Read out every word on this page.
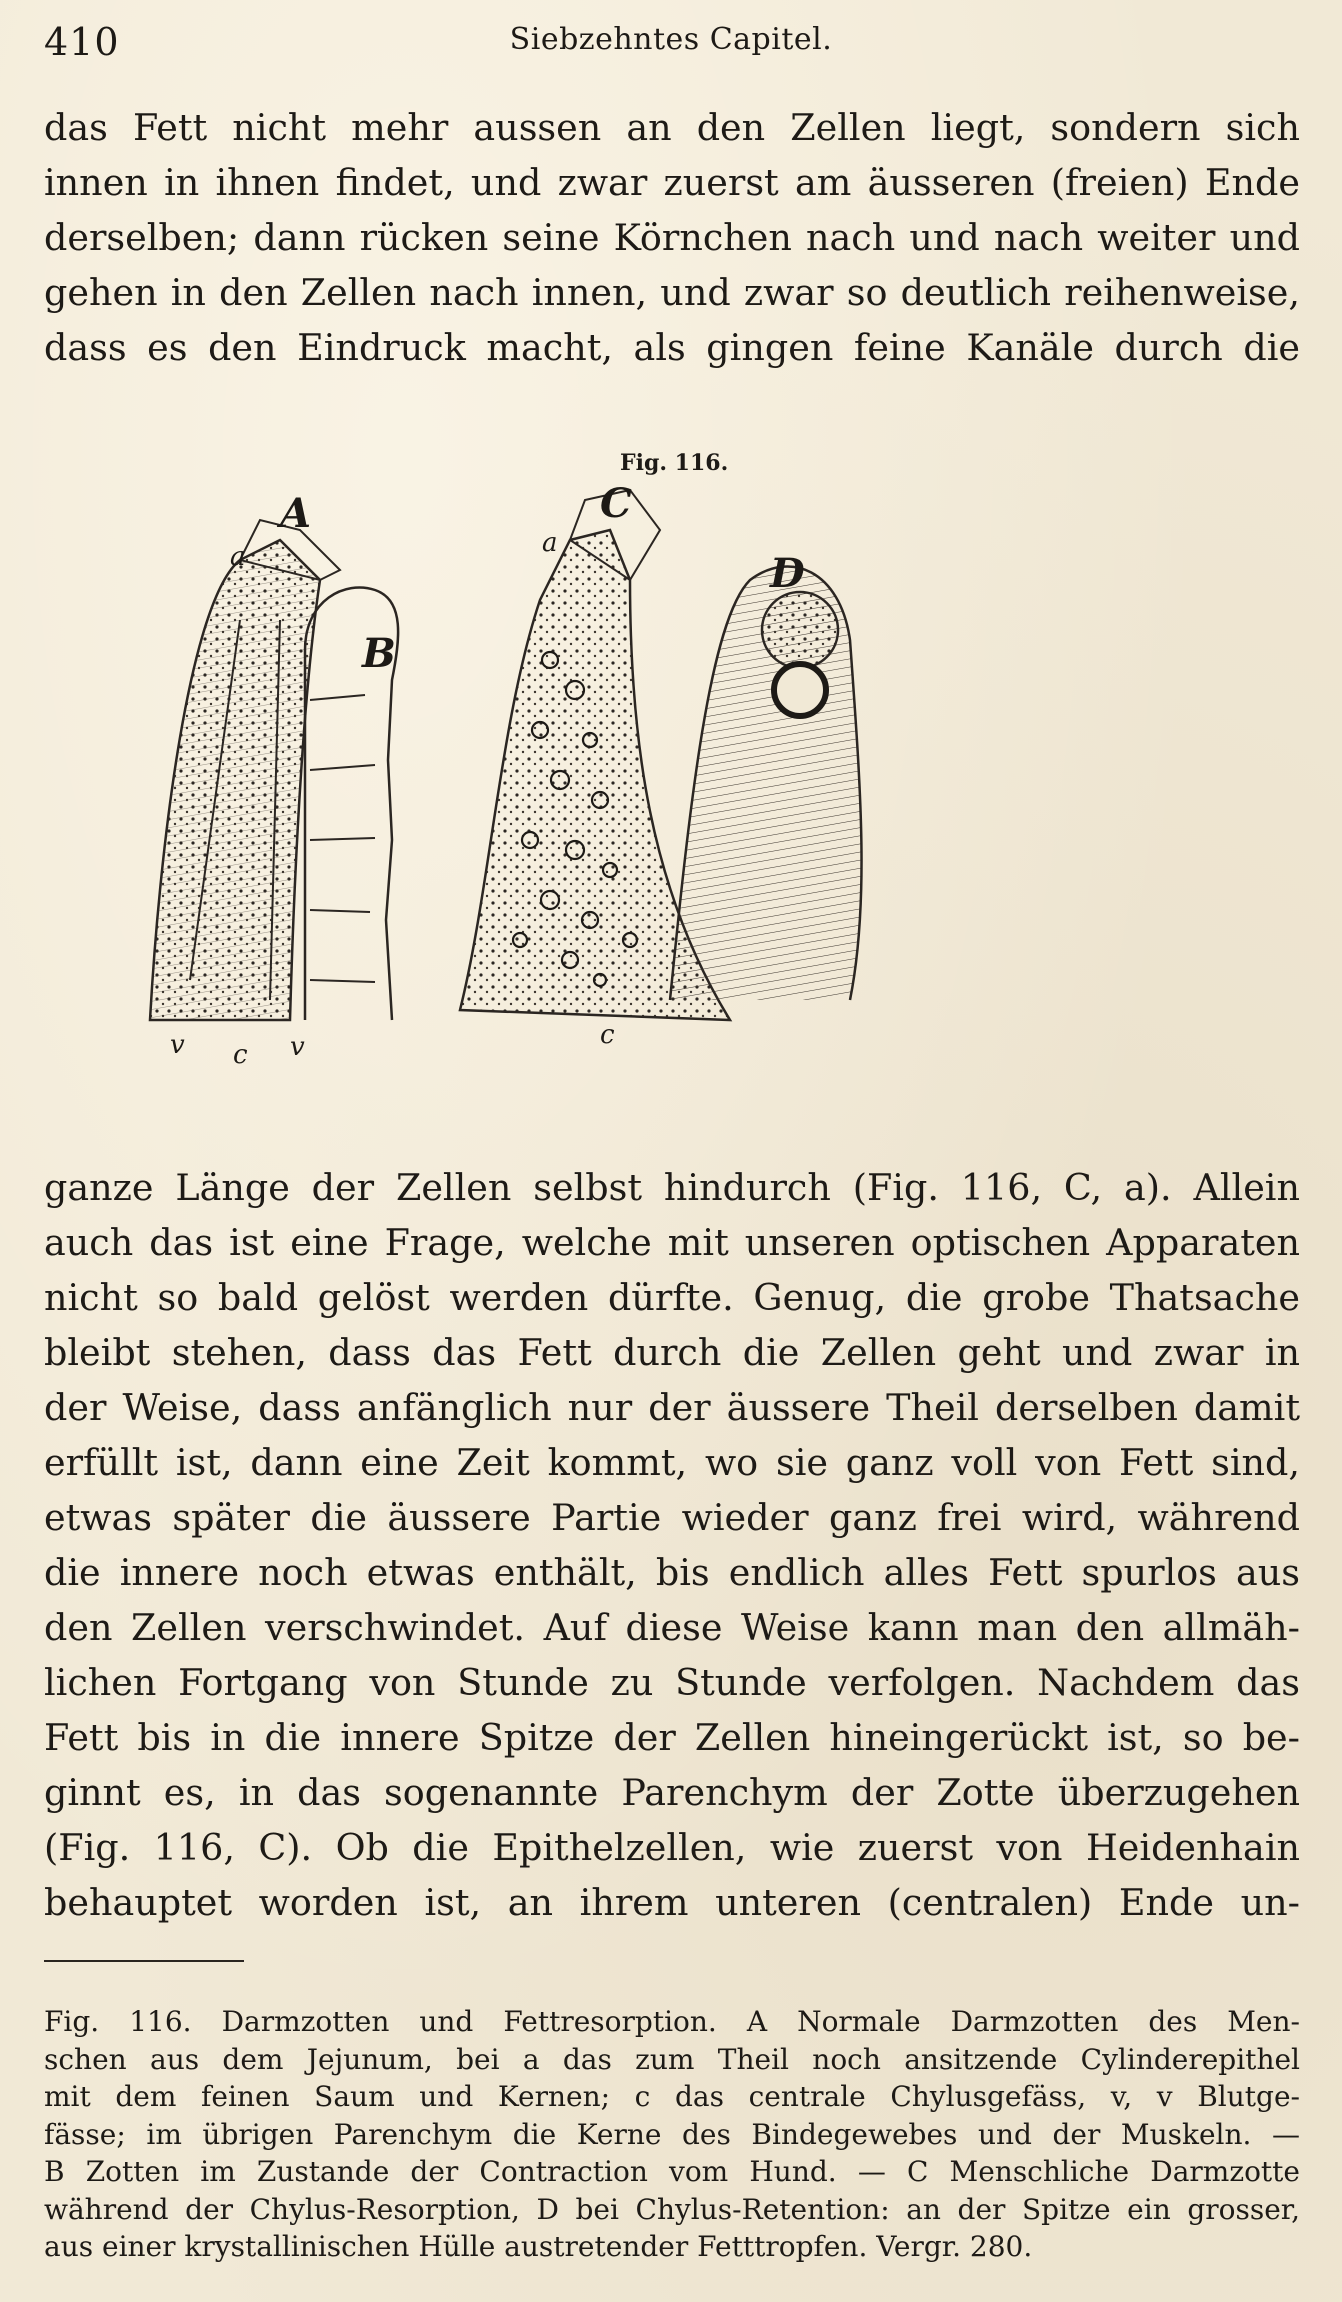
410	Siebzehntes Capitel.
das Fett nicht mehr aussen an den Zellen liegt, sondern sich
innen in ihnen findet, und zwar zuerst am äusseren (freien) Ende
derselben; dann rücken seine Körnchen nach und nach weiter und
gehen in den Zellen nach innen, und zwar so deutlich reihenweise,
dass es den Eindruck macht, als gingen feine Kanäle durch die
Fig. 116.
A
B
C
D
a	a
v c v	c
ganze Länge der Zellen selbst hindurch (Fig. 116, C, a). Allein
auch das ist eine Frage, welche mit unseren optischen Apparaten
nicht so bald gelöst werden dürfte. Genug, die grobe Thatsache
bleibt stehen, dass das Fett durch die Zellen geht und zwar in
der Weise, dass anfänglich nur der äussere Theil derselben damit
erfüllt ist, dann eine Zeit kommt, wo sie ganz voll von Fett sind,
etwas später die äussere Partie wieder ganz frei wird, während
die innere noch etwas enthält, bis endlich alles Fett spurlos aus
den Zellen verschwindet. Auf diese Weise kann man den allmäh-
lichen Fortgang von Stunde zu Stunde verfolgen. Nachdem das
Fett bis in die innere Spitze der Zellen hineingerückt ist, so be-
ginnt es, in das sogenannte Parenchym der Zotte überzugehen
(Fig. 116, C). Ob die Epithelzellen, wie zuerst von Heidenhain
behauptet worden ist, an ihrem unteren (centralen) Ende un-
Fig. 116. Darmzotten und Fettresorption. A Normale Darmzotten des Men-
schen aus dem Jejunum, bei a das zum Theil noch ansitzende Cylinderepithel
mit dem feinen Saum und Kernen; c das centrale Chylusgefäss, v, v Blutge-
fässe; im übrigen Parenchym die Kerne des Bindegewebes und der Muskeln. —
B Zotten im Zustande der Contraction vom Hund. — C Menschliche Darmzotte
während der Chylus-Resorption, D bei Chylus-Retention: an der Spitze ein grosser,
aus einer krystallinischen Hülle austretender Fetttropfen. Vergr. 280.
